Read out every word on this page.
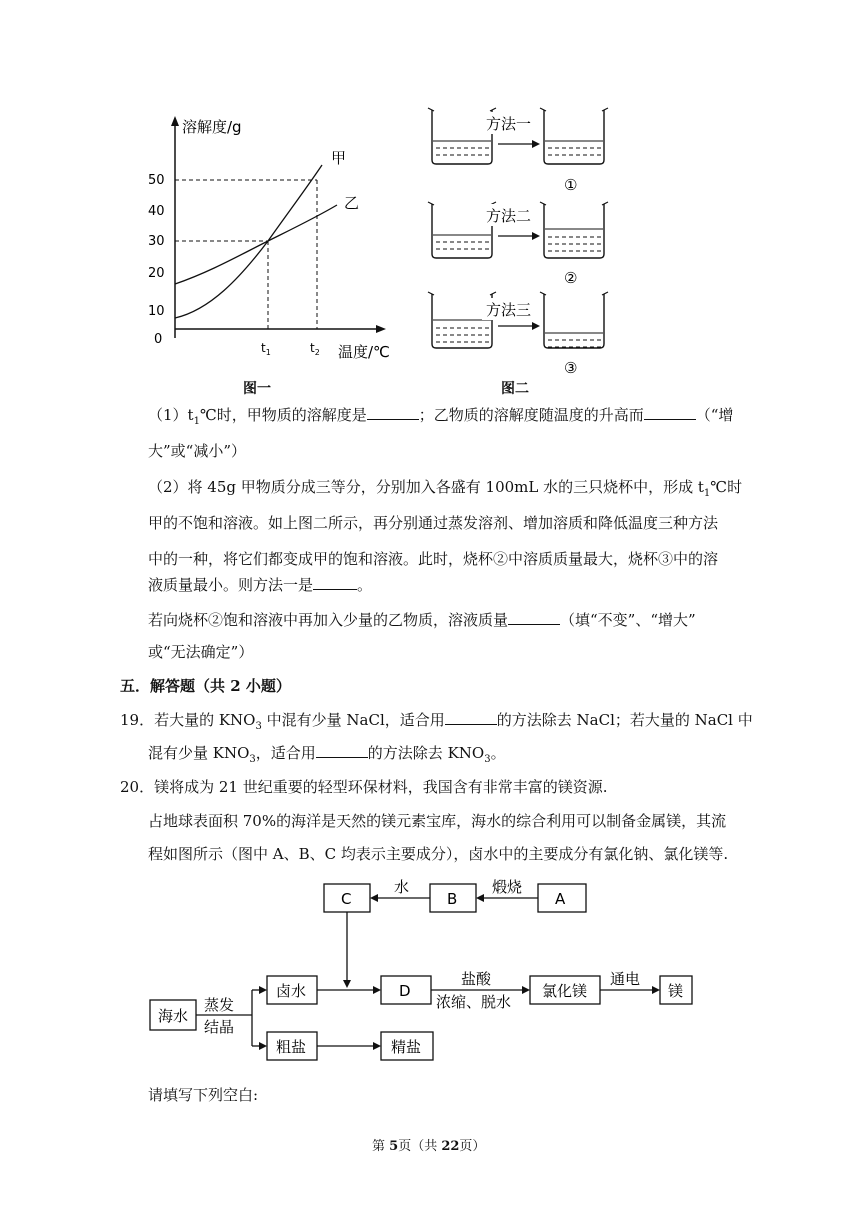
溶解度/g
温度/℃
甲
乙
50
40
30
20
10
0
$t_1$	$t_2$
图一
方法一
①
方法二
②
方法三
③
图二
$(1)t_1℃$时，甲物质的溶解度是	；乙物质的溶解度随温度的升高而	（“增
大”或“减小”）
（2）将 45g 甲物质分成三等分，分别加入各盛有 100mL 水的三只烧杯中，形成 $t_1℃$时
甲的不饱和溶液。如上图二所示，再分别通过蒸发溶剂、增加溶质和降低温度三种方法
中的一种，将它们都变成甲的饱和溶液。此时，烧杯②中溶质质量最大，烧杯③中的溶
液质量最小。则方法一是	。
若向烧杯②饱和溶液中再加入少量的乙物质，溶液质量	（填“不变”、“增大”
或“无法确定”）
五．解答题（共 2 小题）
19．若大量的 $KNO_3$ 中混有少量 NaCl，适合用	的方法除去 NaCl；若大量的 NaCl 中
混有少量 $KNO_3$，适合用	的方法除去 $KNO_3$。
20．镁将成为 21 世纪重要的轻型环保材料，我国含有非常丰富的镁资源.
占地球表面积 70%的海洋是天然的镁元素宝库，海水的综合利用可以制备金属镁，其流
程如图所示（图中 A、B、C 均表示主要成分），卤水中的主要成分有氯化钠、氯化镁等.
C	B	A
水	煅烧
海水
蒸发
结晶
卤水
粗盐
D
精盐
盐酸
浓缩、脱水
氯化镁
通电
镁
请填写下列空白:
第 5页（共 22页）
